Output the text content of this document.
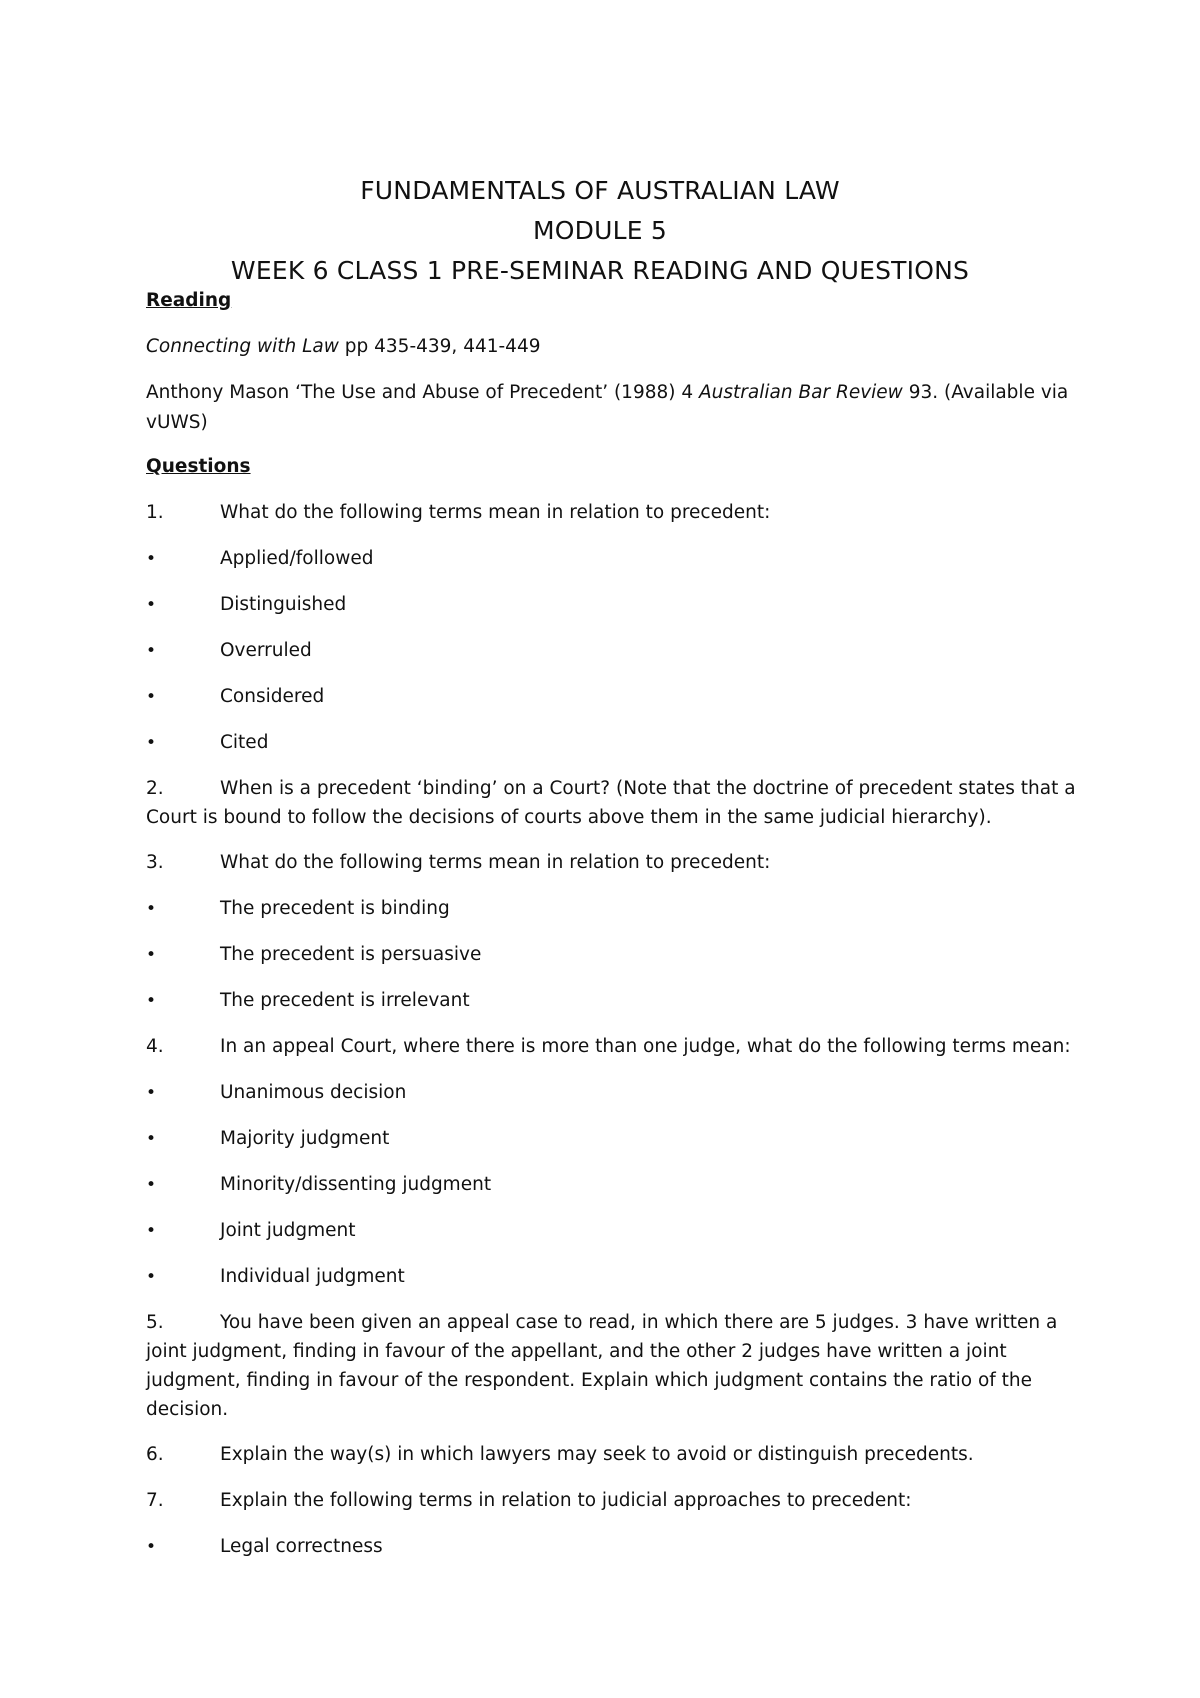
FUNDAMENTALS OF AUSTRALIAN LAW
MODULE 5
WEEK 6 CLASS 1 PRE-SEMINAR READING AND QUESTIONS
Reading
Connecting with Law pp 435-439, 441-449
Anthony Mason ‘The Use and Abuse of Precedent’ (1988) 4 Australian Bar Review 93. (Available via
vUWS)
Questions
1.	What do the following terms mean in relation to precedent:
•	Applied/followed
•	Distinguished
•	Overruled
•	Considered
•	Cited
2.	When is a precedent ‘binding’ on a Court? (Note that the doctrine of precedent states that a
Court is bound to follow the decisions of courts above them in the same judicial hierarchy).
3.	What do the following terms mean in relation to precedent:
•	The precedent is binding
•	The precedent is persuasive
•	The precedent is irrelevant
4.	In an appeal Court, where there is more than one judge, what do the following terms mean:
•	Unanimous decision
•	Majority judgment
•	Minority/dissenting judgment
•	Joint judgment
•	Individual judgment
5.	You have been given an appeal case to read, in which there are 5 judges. 3 have written a
joint judgment, finding in favour of the appellant, and the other 2 judges have written a joint
judgment, finding in favour of the respondent. Explain which judgment contains the ratio of the
decision.
6.	Explain the way(s) in which lawyers may seek to avoid or distinguish precedents.
7.	Explain the following terms in relation to judicial approaches to precedent:
•	Legal correctness
